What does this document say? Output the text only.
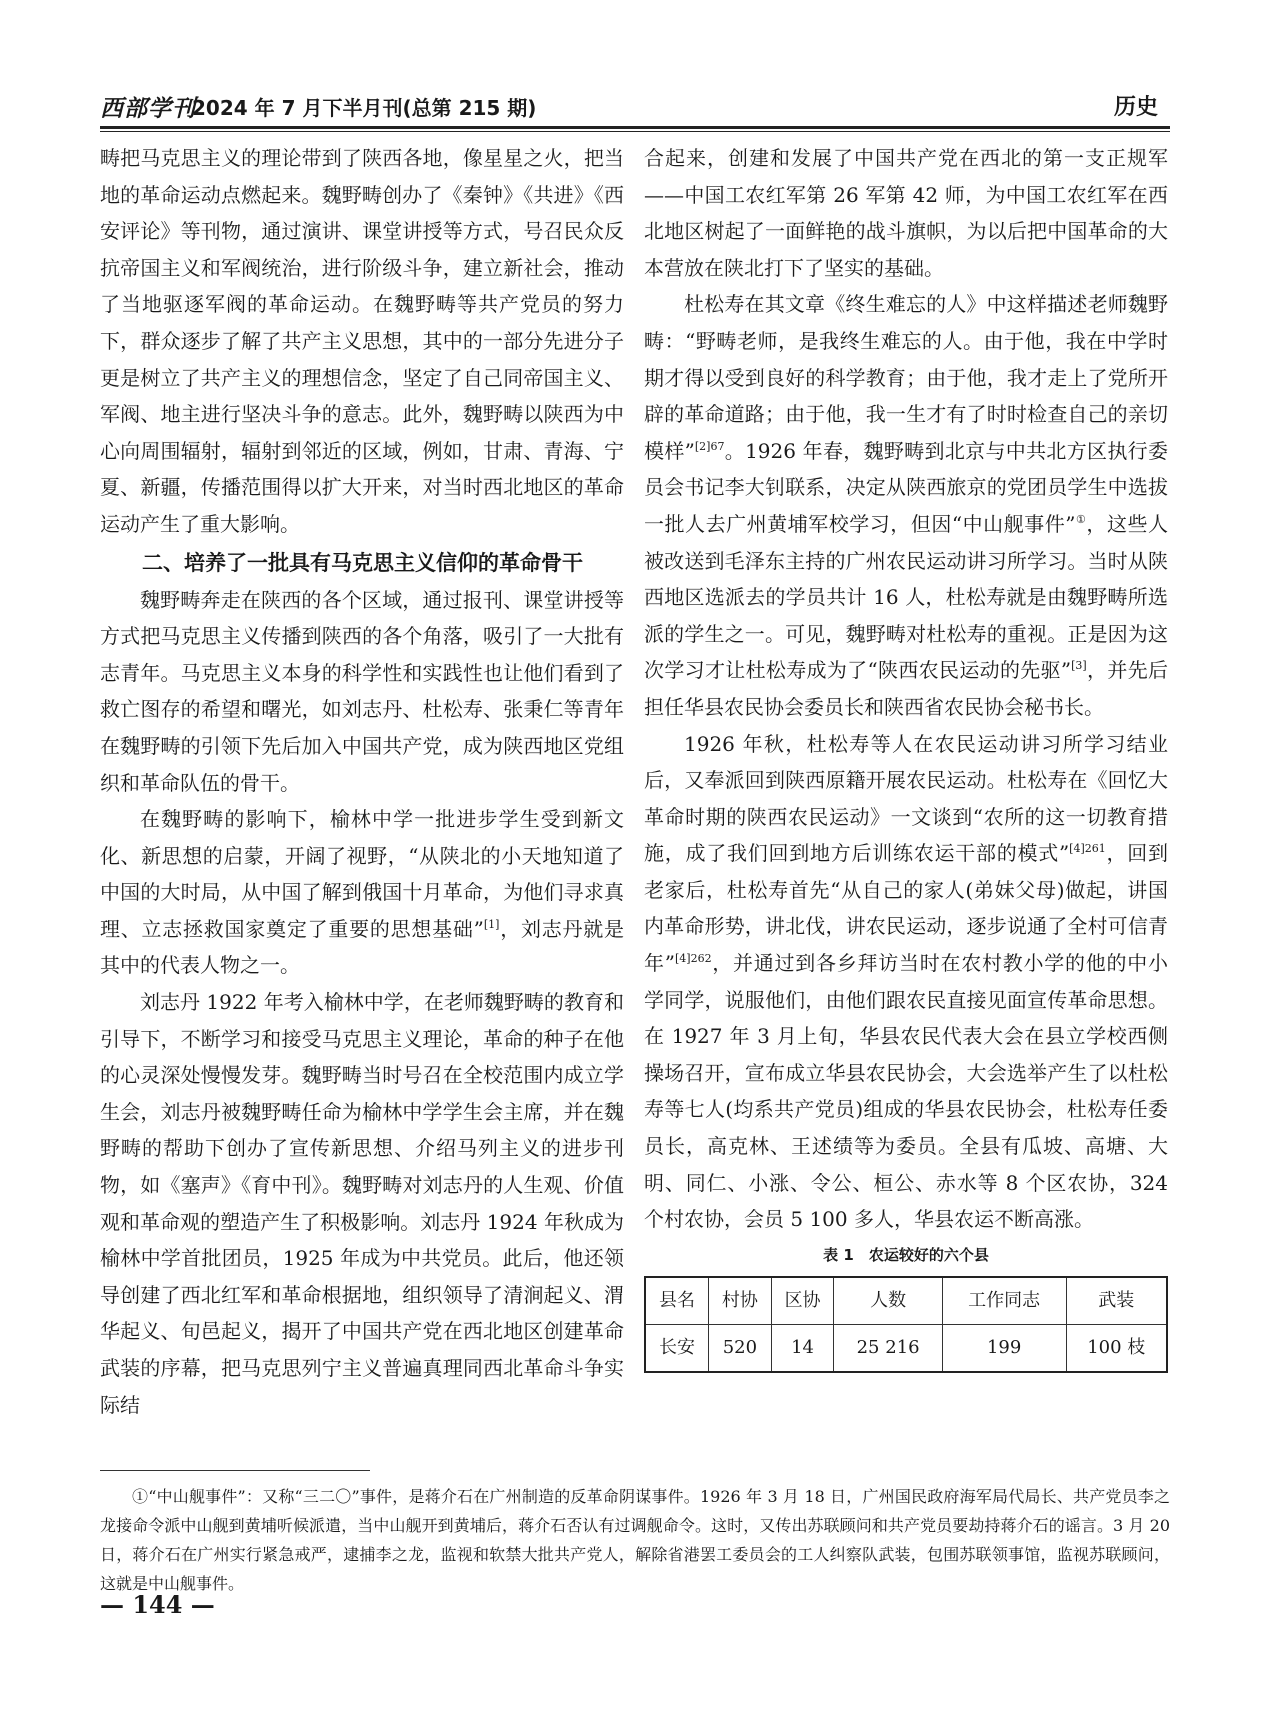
西部学刊
2024 年 7 月下半月刊(总第 215 期)	历史

畴把马克思主义的理论带到了陕西各地，像星星之火，把当地的革命运动点燃起来。魏野畴创办了《秦钟》《共进》《西安评论》等刊物，通过演讲、课堂讲授等方式，号召民众反抗帝国主义和军阀统治，进行阶级斗争，建立新社会，推动了当地驱逐军阀的革命运动。在魏野畴等共产党员的努力下，群众逐步了解了共产主义思想，其中的一部分先进分子更是树立了共产主义的理想信念，坚定了自己同帝国主义、军阀、地主进行坚决斗争的意志。此外，魏野畴以陕西为中心向周围辐射，辐射到邻近的区域，例如，甘肃、青海、宁夏、新疆，传播范围得以扩大开来，对当时西北地区的革命运动产生了重大影响。

二、培养了一批具有马克思主义信仰的革命骨干

魏野畴奔走在陕西的各个区域，通过报刊、课堂讲授等方式把马克思主义传播到陕西的各个角落，吸引了一大批有志青年。马克思主义本身的科学性和实践性也让他们看到了救亡图存的希望和曙光，如刘志丹、杜松寿、张秉仁等青年在魏野畴的引领下先后加入中国共产党，成为陕西地区党组织和革命队伍的骨干。

在魏野畴的影响下，榆林中学一批进步学生受到新文化、新思想的启蒙，开阔了视野，“从陕北的小天地知道了中国的大时局，从中国了解到俄国十月革命，为他们寻求真理、立志拯救国家奠定了重要的思想基础”[1]，刘志丹就是其中的代表人物之一。

刘志丹 1922 年考入榆林中学，在老师魏野畴的教育和引导下，不断学习和接受马克思主义理论，革命的种子在他的心灵深处慢慢发芽。魏野畴当时号召在全校范围内成立学生会，刘志丹被魏野畴任命为榆林中学学生会主席，并在魏野畴的帮助下创办了宣传新思想、介绍马列主义的进步刊物，如《塞声》《育中刊》。魏野畴对刘志丹的人生观、价值观和革命观的塑造产生了积极影响。刘志丹 1924 年秋成为榆林中学首批团员，1925 年成为中共党员。此后，他还领导创建了西北红军和革命根据地，组织领导了清涧起义、渭华起义、旬邑起义，揭开了中国共产党在西北地区创建革命武装的序幕，把马克思列宁主义普遍真理同西北革命斗争实际结

合起来，创建和发展了中国共产党在西北的第一支正规军——中国工农红军第 26 军第 42 师，为中国工农红军在西北地区树起了一面鲜艳的战斗旗帜，为以后把中国革命的大本营放在陕北打下了坚实的基础。

杜松寿在其文章《终生难忘的人》中这样描述老师魏野畴：“野畴老师，是我终生难忘的人。由于他，我在中学时期才得以受到良好的科学教育；由于他，我才走上了党所开辟的革命道路；由于他，我一生才有了时时检查自己的亲切模样”$^{[2]67}$。1926 年春，魏野畴到北京与中共北方区执行委员会书记李大钊联系，决定从陕西旅京的党团员学生中选拔一批人去广州黄埔军校学习，但因“中山舰事件”①，这些人被改送到毛泽东主持的广州农民运动讲习所学习。当时从陕西地区选派去的学员共计 16 人，杜松寿就是由魏野畴所选派的学生之一。可见，魏野畴对杜松寿的重视。正是因为这次学习才让杜松寿成为了“陕西农民运动的先驱”[3]，并先后担任华县农民协会委员长和陕西省农民协会秘书长。

1926 年秋，杜松寿等人在农民运动讲习所学习结业后，又奉派回到陕西原籍开展农民运动。杜松寿在《回忆大革命时期的陕西农民运动》一文谈到“农所的这一切教育措施，成了我们回到地方后训练农运干部的模式”$^{[4]261}$，回到老家后，杜松寿首先“从自己的家人(弟妹父母)做起，讲国内革命形势，讲北伐，讲农民运动，逐步说通了全村可信青年”$^{[4]262}$，并通过到各乡拜访当时在农村教小学的他的中小学同学，说服他们，由他们跟农民直接见面宣传革命思想。在 1927 年 3 月上旬，华县农民代表大会在县立学校西侧操场召开，宣布成立华县农民协会，大会选举产生了以杜松寿等七人(均系共产党员)组成的华县农民协会，杜松寿任委员长，高克林、王述绩等为委员。全县有瓜坡、高塘、大明、同仁、小涨、令公、桓公、赤水等 8 个区农协，324 个村农协，会员 5 100 多人，华县农运不断高涨。

表 1　农运较好的六个县
县名	村协	区协	人数	工作同志	武装
长安	520	14	25 216	199	100 枝

①“中山舰事件”：又称“三二〇”事件，是蒋介石在广州制造的反革命阴谋事件。1926 年 3 月 18 日，广州国民政府海军局代局长、共产党员李之龙接命令派中山舰到黄埔听候派遣，当中山舰开到黄埔后，蒋介石否认有过调舰命令。这时，又传出苏联顾问和共产党员要劫持蒋介石的谣言。3 月 20 日，蒋介石在广州实行紧急戒严，逮捕李之龙，监视和软禁大批共产党人，解除省港罢工委员会的工人纠察队武装，包围苏联领事馆，监视苏联顾问，这就是中山舰事件。

— 144 —
